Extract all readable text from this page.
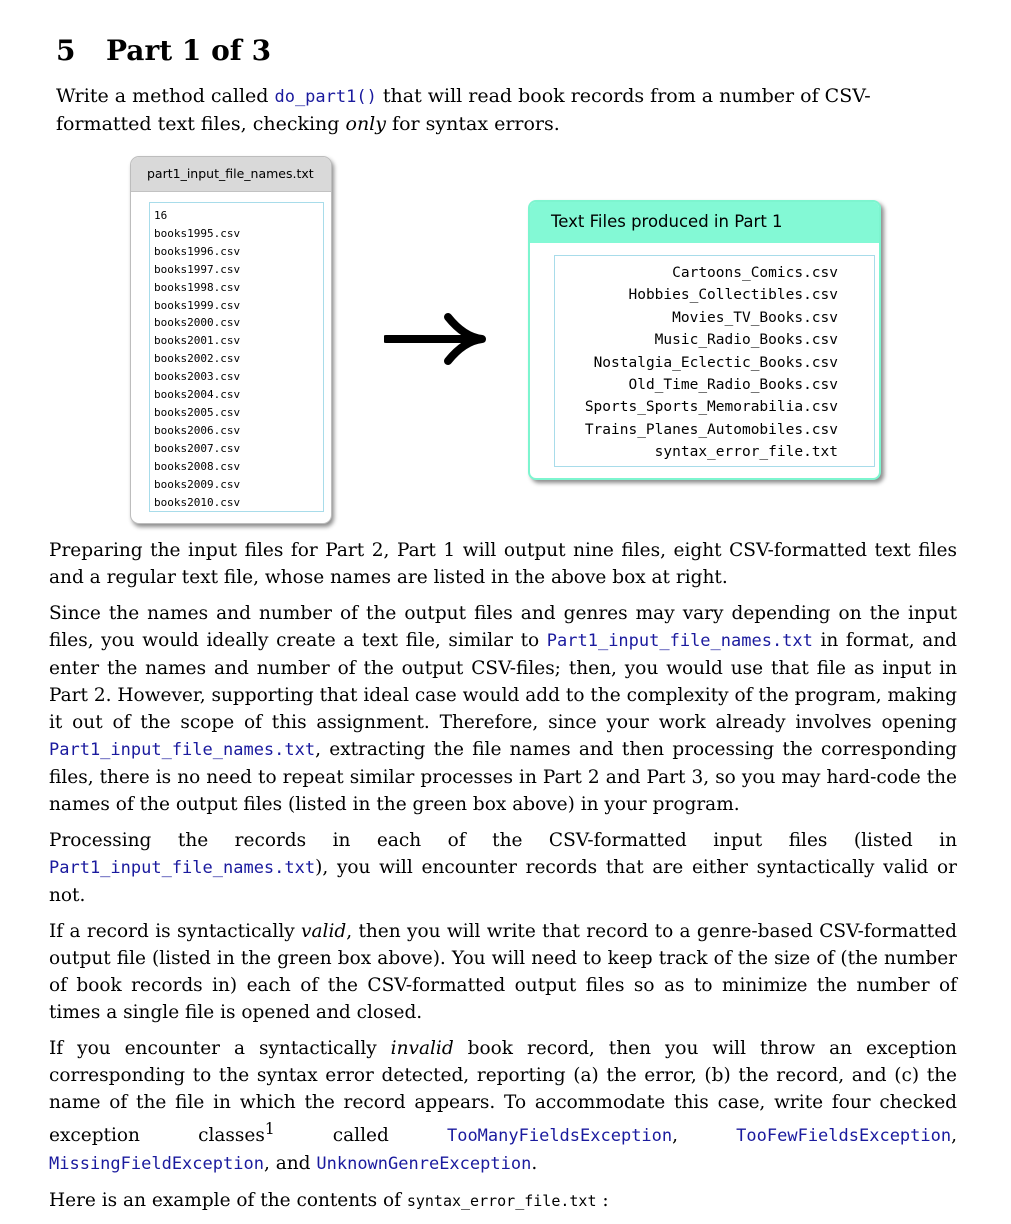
5 Part 1 of 3

Write a method called do_part1() that will read book records from a number of CSV-formatted text files, checking only for syntax errors.

part1_input_file_names.txt
16
books1995.csv
books1996.csv
books1997.csv
books1998.csv
books1999.csv
books2000.csv
books2001.csv
books2002.csv
books2003.csv
books2004.csv
books2005.csv
books2006.csv
books2007.csv
books2008.csv
books2009.csv
books2010.csv
Text Files produced in Part 1
Cartoons_Comics.csv
Hobbies_Collectibles.csv
Movies_TV_Books.csv
Music_Radio_Books.csv
Nostalgia_Eclectic_Books.csv
Old_Time_Radio_Books.csv
Sports_Sports_Memorabilia.csv
Trains_Planes_Automobiles.csv
syntax_error_file.txt

Preparing the input files for Part 2, Part 1 will output nine files, eight CSV-formatted text files and a regular text file, whose names are listed in the above box at right.

Since the names and number of the output files and genres may vary depending on the input files, you would ideally create a text file, similar to Part1_input_file_names.txt in format, and enter the names and number of the output CSV-files; then, you would use that file as input in Part 2. However, supporting that ideal case would add to the complexity of the program, making it out of the scope of this assignment. Therefore, since your work already involves opening Part1_input_file_names.txt, extracting the file names and then processing the corresponding files, there is no need to repeat similar processes in Part 2 and Part 3, so you may hard-code the names of the output files (listed in the green box above) in your program.

Processing the records in each of the CSV-formatted input files (listed in Part1_input_file_names.txt), you will encounter records that are either syntactically valid or not.

If a record is syntactically valid, then you will write that record to a genre-based CSV-formatted output file (listed in the green box above). You will need to keep track of the size of (the number of book records in) each of the CSV-formatted output files so as to minimize the number of times a single file is opened and closed.

If you encounter a syntactically invalid book record, then you will throw an exception corresponding to the syntax error detected, reporting (a) the error, (b) the record, and (c) the name of the file in which the record appears. To accommodate this case, write four checked exception classes$^1$ called TooManyFieldsException, TooFewFieldsException, MissingFieldException, and UnknownGenreException.

Here is an example of the contents of syntax_error_file.txt :
